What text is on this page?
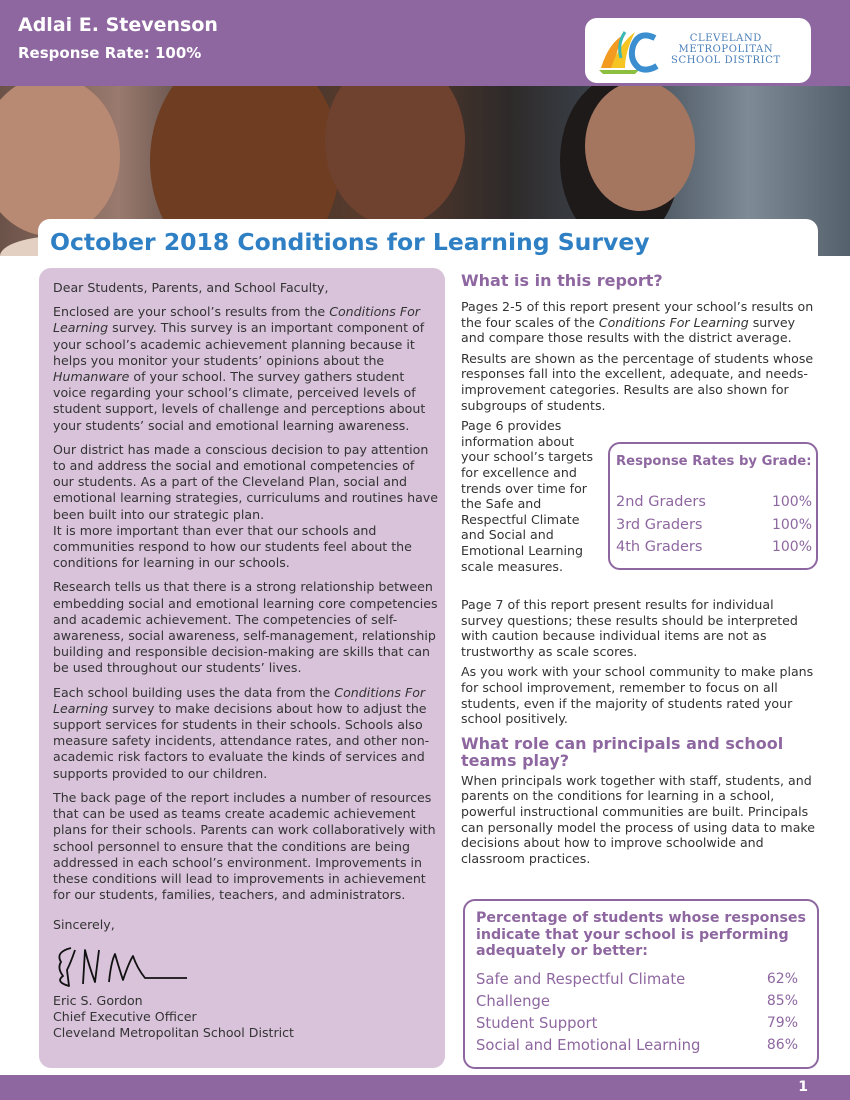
Adlai E. Stevenson
Response Rate: 100%
CLEVELAND
METROPOLITAN
SCHOOL DISTRICT
October 2018 Conditions for Learning Survey

Dear Students, Parents, and School Faculty,

Enclosed are your school’s results from the Conditions For Learning survey. This survey is an important component of your school’s academic achievement planning because it helps you monitor your students’ opinions about the Humanware of your school. The survey gathers student voice regarding your school’s climate, perceived levels of student support, levels of challenge and perceptions about your students’ social and emotional learning awareness.

Our district has made a conscious decision to pay attention to and address the social and emotional competencies of our students. As a part of the Cleveland Plan, social and emotional learning strategies, curriculums and routines have been built into our strategic plan.
It is more important than ever that our schools and communities respond to how our students feel about the conditions for learning in our schools.

Research tells us that there is a strong relationship between embedding social and emotional learning core competencies and academic achievement. The competencies of self-awareness, social awareness, self-management, relationship building and responsible decision-making are skills that can be used throughout our students’ lives.

Each school building uses the data from the Conditions For Learning survey to make decisions about how to adjust the support services for students in their schools. Schools also measure safety incidents, attendance rates, and other non-academic risk factors to evaluate the kinds of services and supports provided to our children.

The back page of the report includes a number of resources that can be used as teams create academic achievement plans for their schools. Parents can work collaboratively with school personnel to ensure that the conditions are being addressed in each school’s environment. Improvements in these conditions will lead to improvements in achievement for our students, families, teachers, and administrators.

Sincerely,

Eric S. Gordon
Chief Executive Officer
Cleveland Metropolitan School District
What is in this report?

Pages 2-5 of this report present your school’s results on the four scales of the Conditions For Learning survey and compare those results with the district average.

Results are shown as the percentage of students whose responses fall into the excellent, adequate, and needs-improvement categories. Results are also shown for subgroups of students.

Page 6 provides information about your school’s targets for excellence and trends over time for the Safe and Respectful Climate and Social and Emotional Learning scale measures.

Response Rates by Grade:
2nd Graders	100%
3rd Graders	100%
4th Graders	100%

Page 7 of this report present results for individual survey questions; these results should be interpreted with caution because individual items are not as trustworthy as scale scores.

As you work with your school community to make plans for school improvement, remember to focus on all students, even if the majority of students rated your school positively.

What role can principals and school teams play?

When principals work together with staff, students, and parents on the conditions for learning in a school, powerful instructional communities are built. Principals can personally model the process of using data to make decisions about how to improve schoolwide and classroom practices.

Percentage of students whose responses indicate that your school is performing adequately or better:
Safe and Respectful Climate	62%
Challenge	85%
Student Support	79%
Social and Emotional Learning	86%
1
